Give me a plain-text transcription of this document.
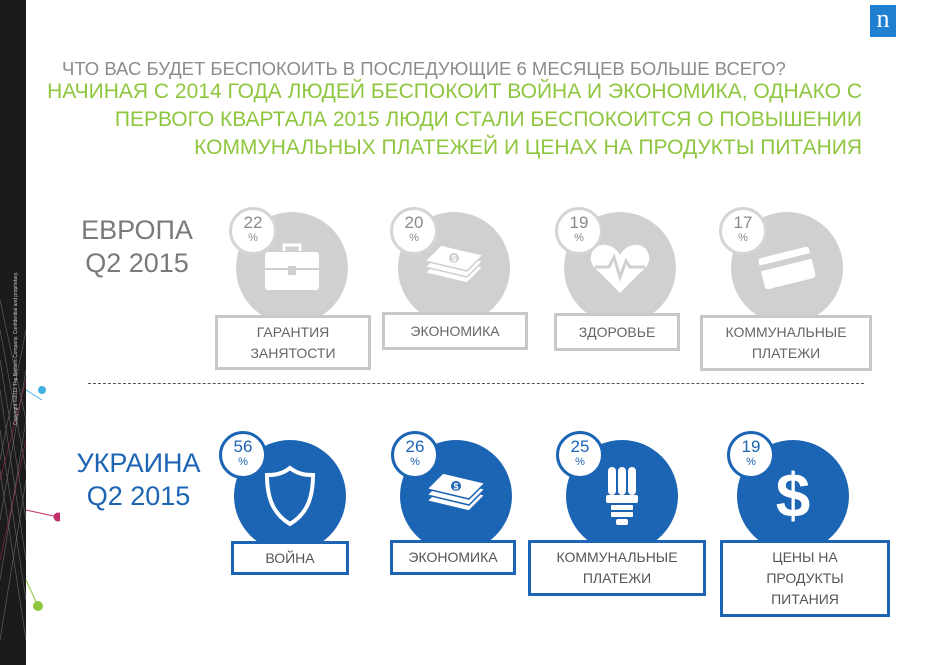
Copyright ©2012 The Nielsen Company. Confidential and proprietary.
n
ЧТО ВАС БУДЕТ БЕСПОКОИТЬ В ПОСЛЕДУЮЩИЕ 6 МЕСЯЦЕВ БОЛЬШЕ ВСЕГО?
НАЧИНАЯ С 2014 ГОДА ЛЮДЕЙ БЕСПОКОИТ ВОЙНА И ЭКОНОМИКА, ОДНАКО С ПЕРВОГО КВАРТАЛА 2015 ЛЮДИ СТАЛИ БЕСПОКОИТСЯ О ПОВЫШЕНИИ КОММУНАЛЬНЫХ ПЛАТЕЖЕЙ И ЦЕНАХ НА ПРОДУКТЫ ПИТАНИЯ
ЕВРОПА
Q2 2015
22
%
ГАРАНТИЯ ЗАНЯТОСТИ
$
20
%
ЭКОНОМИКА
19
%
ЗДОРОВЬЕ
17
%
КОММУНАЛЬНЫЕ ПЛАТЕЖИ
УКРАИНА
Q2 2015
56
%
ВОЙНА
$
26
%
ЭКОНОМИКА
25
%
КОММУНАЛЬНЫЕ ПЛАТЕЖИ
$
19
%
ЦЕНЫ НА ПРОДУКТЫ ПИТАНИЯ
